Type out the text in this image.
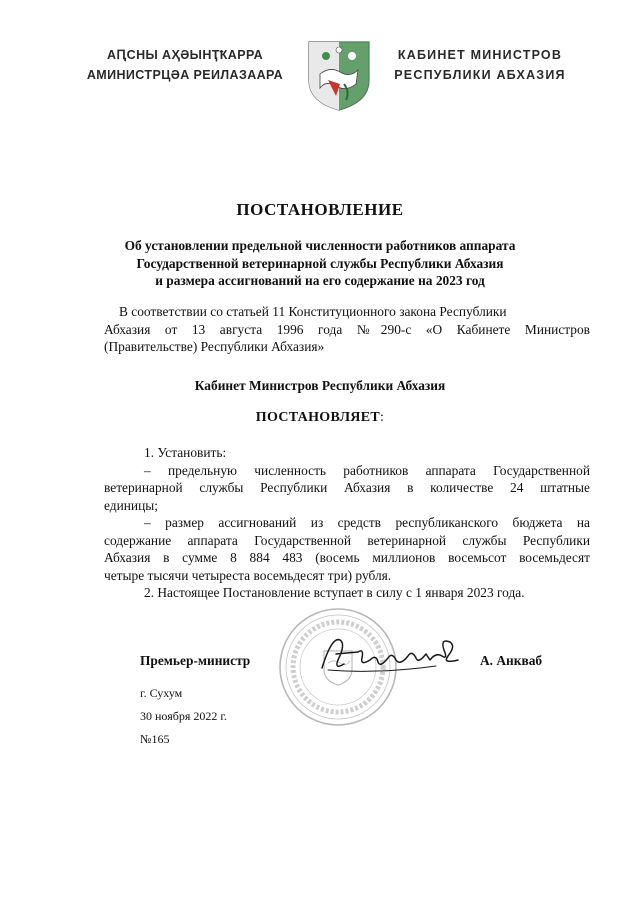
АԤСНЫ АҲӘЫНҬҞАРРА
АМИНИСТРЦӘА РЕИЛАЗААРА
КАБИНЕТ МИНИСТРОВ
РЕСПУБЛИКИ АБХАЗИЯ
ПОСТАНОВЛЕНИЕ
Об установлении предельной численности работников аппарата
Государственной ветеринарной службы Республики Абхазия
и размера ассигнований на его содержание на 2023 год
В соответствии со статьей 11 Конституционного закона Республики
Абхазия от 13 августа 1996 года №290-с «О Кабинете Министров
(Правительстве) Республики Абхазия»
Кабинет Министров Республики Абхазия
ПОСТАНОВЛЯЕТ:
1. Установить:
– предельную численность работников аппарата Государственной
ветеринарной службы Республики Абхазия в количестве 24 штатные
единицы;
– размер ассигнований из средств республиканского бюджета на
содержание аппарата Государственной ветеринарной службы Республики
Абхазия в сумме 8 884 483 (восемь миллионов восемьсот восемьдесят
четыре тысячи четыреста восемьдесят три) рубля.
2. Настоящее Постановление вступает в силу с 1 января 2023 года.
Премьер-министр	А. Анкваб
г. Сухум
30 ноября 2022 г.
№165
